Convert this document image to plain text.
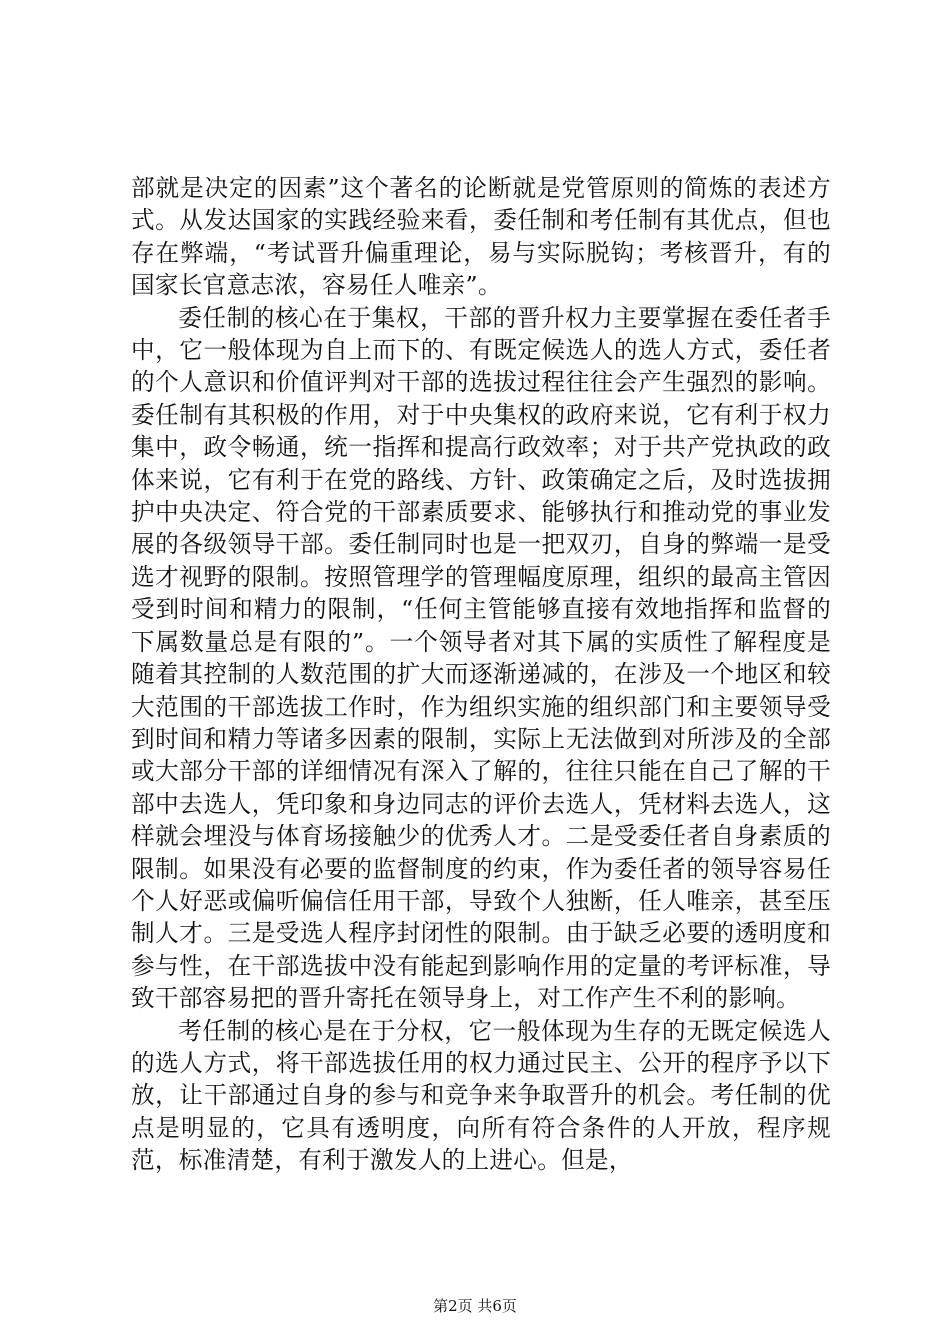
部就是决定的因素”这个著名的论断就是党管原则的简炼的表述方式。从发达国家的实践经验来看，委任制和考任制有其优点，但也存在弊端，“考试晋升偏重理论，易与实际脱钩；考核晋升，有的国家长官意志浓，容易任人唯亲”。

委任制的核心在于集权，干部的晋升权力主要掌握在委任者手中，它一般体现为自上而下的、有既定候选人的选人方式，委任者的个人意识和价值评判对干部的选拔过程往往会产生强烈的影响。委任制有其积极的作用，对于中央集权的政府来说，它有利于权力集中，政令畅通，统一指挥和提高行政效率；对于共产党执政的政体来说，它有利于在党的路线、方针、政策确定之后，及时选拔拥护中央决定、符合党的干部素质要求、能够执行和推动党的事业发展的各级领导干部。委任制同时也是一把双刃，自身的弊端一是受选才视野的限制。按照管理学的管理幅度原理，组织的最高主管因受到时间和精力的限制，“任何主管能够直接有效地指挥和监督的下属数量总是有限的”。一个领导者对其下属的实质性了解程度是随着其控制的人数范围的扩大而逐渐递减的，在涉及一个地区和较大范围的干部选拔工作时，作为组织实施的组织部门和主要领导受到时间和精力等诸多因素的限制，实际上无法做到对所涉及的全部或大部分干部的详细情况有深入了解的，往往只能在自己了解的干部中去选人，凭印象和身边同志的评价去选人，凭材料去选人，这样就会埋没与体育场接触少的优秀人才。二是受委任者自身素质的限制。如果没有必要的监督制度的约束，作为委任者的领导容易任个人好恶或偏听偏信任用干部，导致个人独断，任人唯亲，甚至压制人才。三是受选人程序封闭性的限制。由于缺乏必要的透明度和参与性，在干部选拔中没有能起到影响作用的定量的考评标准，导致干部容易把的晋升寄托在领导身上，对工作产生不利的影响。

考任制的核心是在于分权，它一般体现为生存的无既定候选人的选人方式，将干部选拔任用的权力通过民主、公开的程序予以下放，让干部通过自身的参与和竞争来争取晋升的机会。考任制的优点是明显的，它具有透明度，向所有符合条件的人开放，程序规范，标准清楚，有利于激发人的上进心。但是，

第2页 共6页
